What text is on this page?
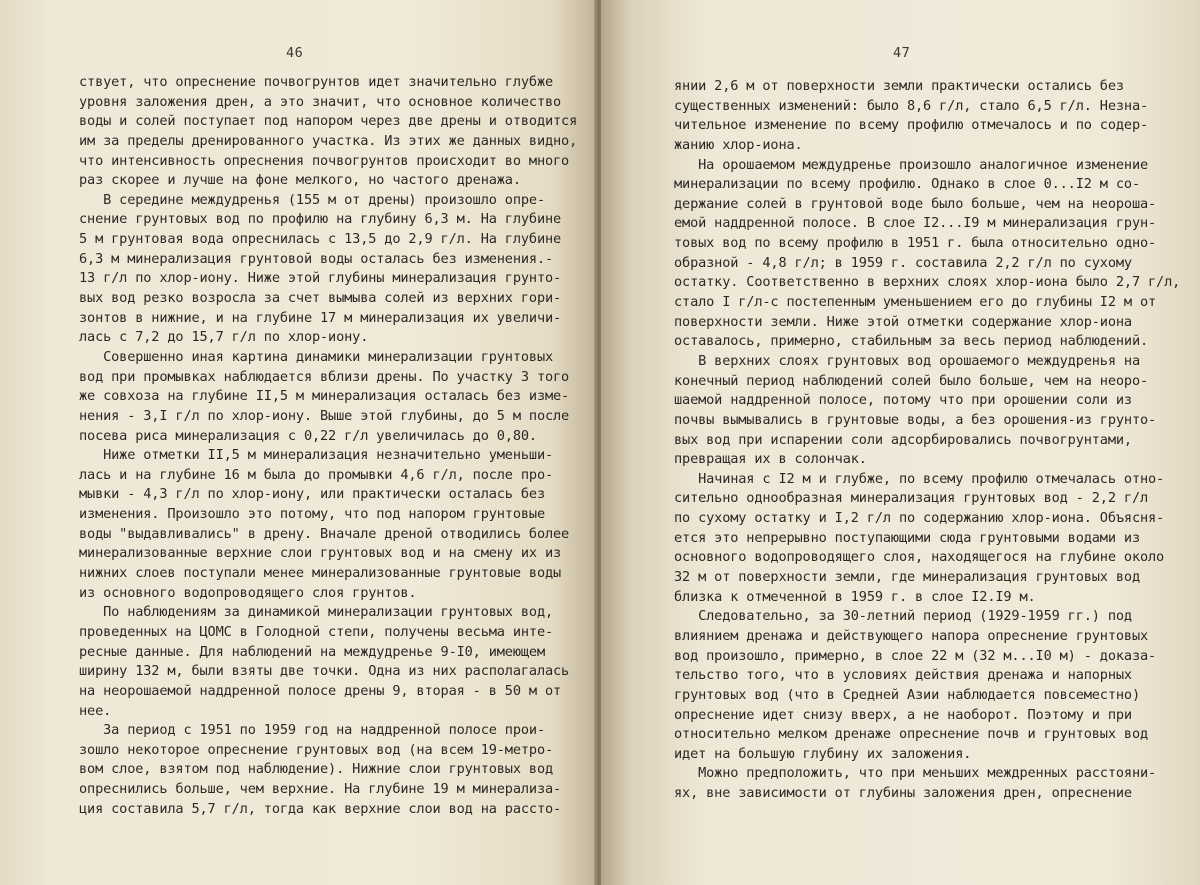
46
ствует, что опреснение почвогрунтов идет значительно глубже
уровня заложения дрен, а это значит, что основное количество
воды и солей поступает под напором через две дрены и отводится
им за пределы дренированного участка. Из этих же данных видно,
что интенсивность опреснения почвогрунтов происходит во много
раз скорее и лучше на фоне мелкого, но частого дренажа.
В середине междудренья (155 м от дрены) произошло опре-
снение грунтовых вод по профилю на глубину 6,3 м. На глубине
5 м грунтовая вода опреснилась с 13,5 до 2,9 г/л. На глубине
6,3 м минерализация грунтовой воды осталась без изменения.-
13 г/л по хлор-иону. Ниже этой глубины минерализация грунто-
вых вод резко возросла за счет вымыва солей из верхних гори-
зонтов в нижние, и на глубине 17 м минерализация их увеличи-
лась с 7,2 до 15,7 г/л по хлор-иону.
Совершенно иная картина динамики минерализации грунтовых
вод при промывках наблюдается вблизи дрены. По участку 3 того
же совхоза на глубине II,5 м минерализация осталась без изме-
нения - 3,I г/л по хлор-иону. Выше этой глубины, до 5 м после
посева риса минерализация с 0,22 г/л увеличилась до 0,80.
Ниже отметки II,5 м минерализация незначительно уменьши-
лась и на глубине 16 м была до промывки 4,6 г/л, после про-
мывки - 4,3 г/л по хлор-иону, или практически осталась без
изменения. Произошло это потому, что под напором грунтовые
воды "выдавливались" в дрену. Вначале дреной отводились более
минерализованные верхние слои грунтовых вод и на смену их из
нижних слоев поступали менее минерализованные грунтовые воды
из основного водопроводящего слоя грунтов.
По наблюдениям за динамикой минерализации грунтовых вод,
проведенных на ЦОМС в Голодной степи, получены весьма инте-
ресные данные. Для наблюдений на междудренье 9-I0, имеющем
ширину 132 м, были взяты две точки. Одна из них располагалась
на неорошаемой наддренной полосе дрены 9, вторая - в 50 м от
нее.
За период с 1951 по 1959 год на наддренной полосе прои-
зошло некоторое опреснение грунтовых вод (на всем 19-метро-
вом слое, взятом под наблюдение). Нижние слои грунтовых вод
опреснились больше, чем верхние. На глубине 19 м минерализа-
ция составила 5,7 г/л, тогда как верхние слои вод на рассто-
47
янии 2,6 м от поверхности земли практически остались без
существенных изменений: было 8,6 г/л, стало 6,5 г/л. Незна-
чительное изменение по всему профилю отмечалось и по содер-
жанию хлор-иона.
На орошаемом междудренье произошло аналогичное изменение
минерализации по всему профилю. Однако в слое 0...I2 м со-
держание солей в грунтовой воде было больше, чем на неороша-
емой наддренной полосе. В слое I2...I9 м минерализация грун-
товых вод по всему профилю в 1951 г. была относительно одно-
образной - 4,8 г/л; в 1959 г. составила 2,2 г/л по сухому
остатку. Соответственно в верхних слоях хлор-иона было 2,7 г/л,
стало I г/л-с постепенным уменьшением его до глубины I2 м от
поверхности земли. Ниже этой отметки содержание хлор-иона
оставалось, примерно, стабильным за весь период наблюдений.
В верхних слоях грунтовых вод орошаемого междудренья на
конечный период наблюдений солей было больше, чем на неоро-
шаемой наддренной полосе, потому что при орошении соли из
почвы вымывались в грунтовые воды, а без орошения-из грунто-
вых вод при испарении соли адсорбировались почвогрунтами,
превращая их в солончак.
Начиная с I2 м и глубже, по всему профилю отмечалась отно-
сительно однообразная минерализация грунтовых вод - 2,2 г/л
по сухому остатку и I,2 г/л по содержанию хлор-иона. Объясня-
ется это непрерывно поступающими сюда грунтовыми водами из
основного водопроводящего слоя, находящегося на глубине около
32 м от поверхности земли, где минерализация грунтовых вод
близка к отмеченной в 1959 г. в слое I2.I9 м.
Следовательно, за 30-летний период (1929-1959 гг.) под
влиянием дренажа и действующего напора опреснение грунтовых
вод произошло, примерно, в слое 22 м (32 м...I0 м) - доказа-
тельство того, что в условиях действия дренажа и напорных
грунтовых вод (что в Средней Азии наблюдается повсеместно)
опреснение идет снизу вверх, а не наоборот. Поэтому и при
относительно мелком дренаже опреснение почв и грунтовых вод
идет на большую глубину их заложения.
Можно предположить, что при меньших междренных расстояни-
ях, вне зависимости от глубины заложения дрен, опреснение
